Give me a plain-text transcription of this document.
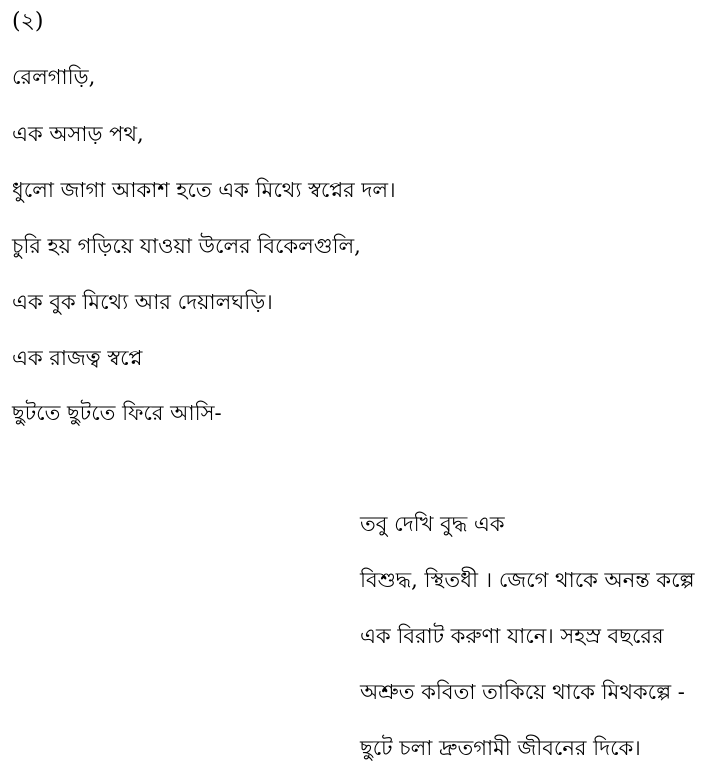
(২)
রেলগাড়ি,
এক অসাড় পথ,
ধুলো জাগা আকাশ হতে এক মিথ্যে স্বপ্নের দল।
চুরি হয় গড়িয়ে যাওয়া উলের বিকেলগুলি,
এক বুক মিথ্যে আর দেয়ালঘড়ি।
এক রাজত্ব স্বপ্নে
ছুটতে ছুটতে ফিরে আসি-
তবু দেখি বুদ্ধ এক
বিশুদ্ধ, স্থিতধী । জেগে থাকে অনন্ত কল্পে
এক বিরাট করুণা যানে। সহস্র বছরের
অশ্রুত কবিতা তাকিয়ে থাকে মিথকল্পে -
ছুটে চলা দ্রুতগামী জীবনের দিকে।
